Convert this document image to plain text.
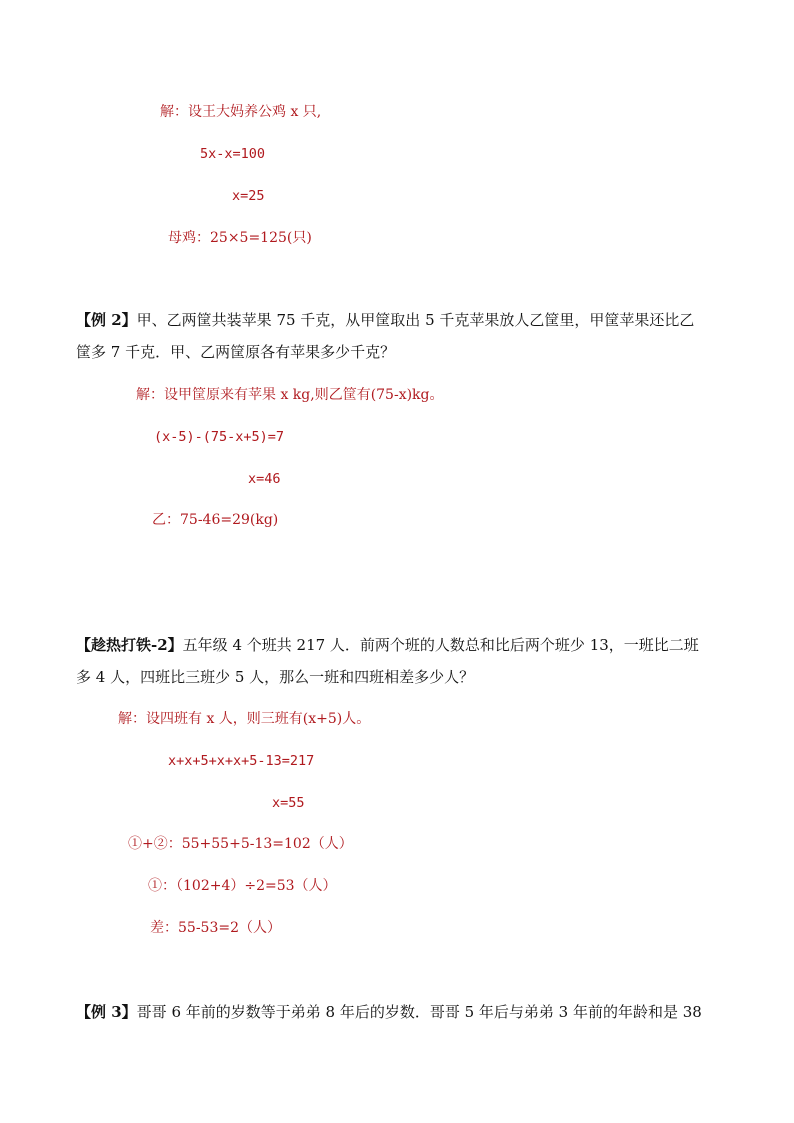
解：设王大妈养公鸡 x 只,
5x-x=100
x=25
母鸡：25×5=125(只)
【例 2】甲、乙两筐共装苹果 75 千克，从甲筐取出 5 千克苹果放人乙筐里，甲筐苹果还比乙
筐多 7 千克．甲、乙两筐原各有苹果多少千克？
解：设甲筐原来有苹果 x kg,则乙筐有(75-x)kg。
(x-5)-(75-x+5)=7
x=46
乙：75-46=29(kg)
【趁热打铁-2】五年级 4 个班共 217 人．前两个班的人数总和比后两个班少 13，一班比二班
多 4 人，四班比三班少 5 人，那么一班和四班相差多少人？
解：设四班有 x 人，则三班有(x+5)人。
x+x+5+x+x+5-13=217
x=55
①+②：55+55+5-13=102（人）
①：（102+4）÷2=53（人）
差：55-53=2（人）
【例 3】哥哥 6 年前的岁数等于弟弟 8 年后的岁数．哥哥 5 年后与弟弟 3 年前的年龄和是 38
